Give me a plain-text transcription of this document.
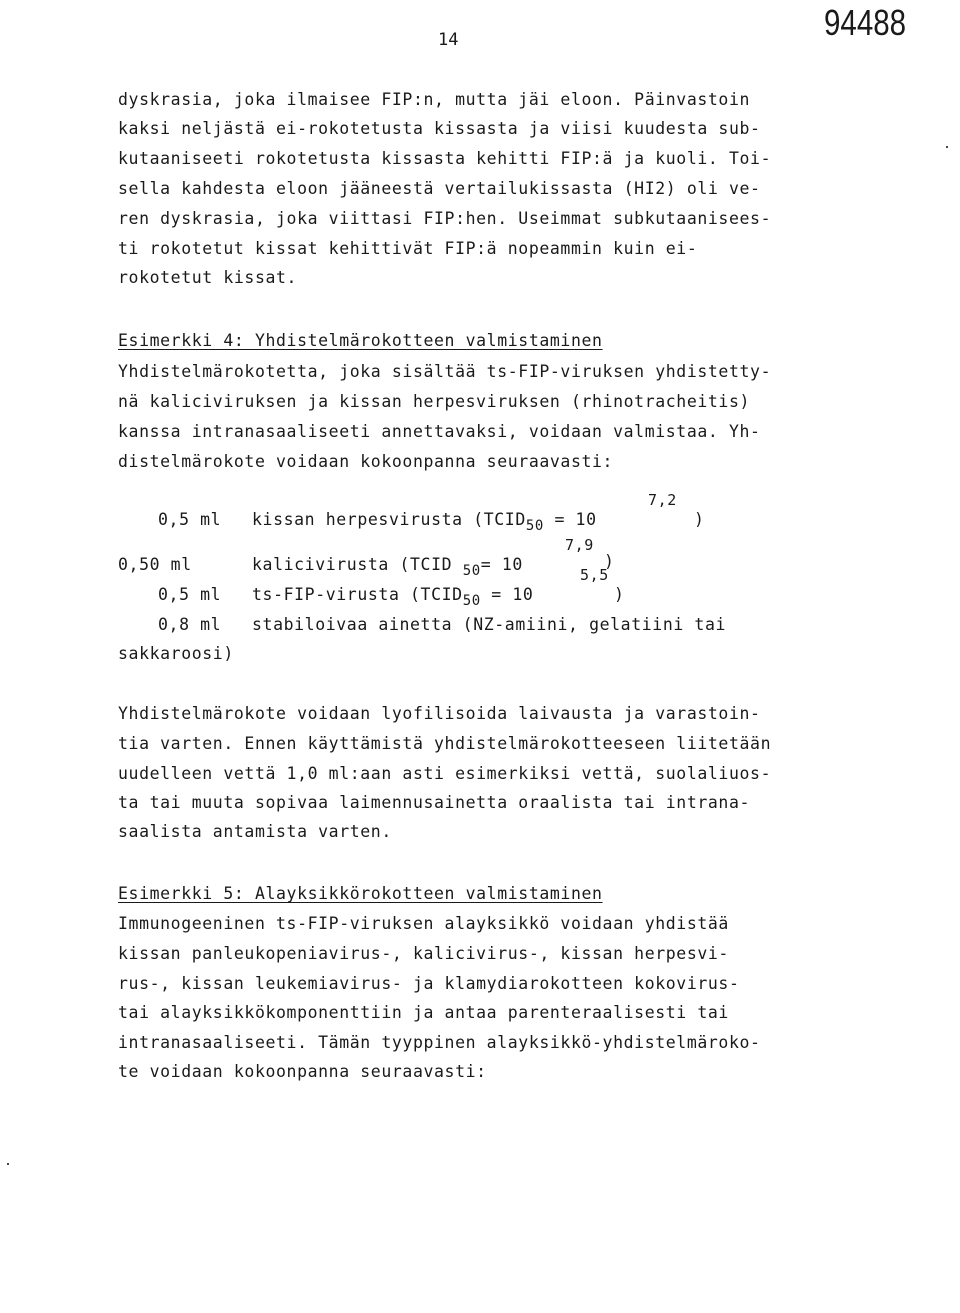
14	94488
dyskrasia, joka ilmaisee FIP:n, mutta jäi eloon. Päinvastoin
kaksi neljästä ei-rokotetusta kissasta ja viisi kuudesta sub-
kutaaniseeti rokotetusta kissasta kehitti FIP:ä ja kuoli. Toi-
sella kahdesta eloon jääneestä vertailukissasta (HI2) oli ve-
ren dyskrasia, joka viittasi FIP:hen. Useimmat subkutaanisees-
ti rokotetut kissat kehittivät FIP:ä nopeammin kuin ei-
rokotetut kissat.
Esimerkki 4: Yhdistelmärokotteen valmistaminen
Yhdistelmärokotetta, joka sisältää ts-FIP-viruksen yhdistetty-
nä kaliciviruksen ja kissan herpesviruksen (rhinotracheitis)
kanssa intranasaaliseeti annettavaksi, voidaan valmistaa. Yh-
distelmärokote voidaan kokoonpanna seuraavasti:
7,2
0,5 ml kissan herpesvirusta ($TCID_{50} = 10$	)
7,9
0,50 ml	kalicivirusta (TCID $_{50}$= 10	)
5,5
0,5 ml ts-FIP-virusta ($TCID_{50} = 10$	)
0,8 ml stabiloivaa ainetta (NZ-amiini, gelatiini tai
sakkaroosi)
Yhdistelmärokote voidaan lyofilisoida laivausta ja varastoin-
tia varten. Ennen käyttämistä yhdistelmärokotteeseen liitetään
uudelleen vettä 1,0 ml:aan asti esimerkiksi vettä, suolaliuos-
ta tai muuta sopivaa laimennusainetta oraalista tai intrana-
saalista antamista varten.
Esimerkki 5: Alayksikkörokotteen valmistaminen
Immunogeeninen ts-FIP-viruksen alayksikkö voidaan yhdistää
kissan panleukopeniavirus-, kalicivirus-, kissan herpesvi-
rus-, kissan leukemiavirus- ja klamydiarokotteen kokovirus-
tai alayksikkökomponenttiin ja antaa parenteraalisesti tai
intranasaaliseeti. Tämän tyyppinen alayksikkö-yhdistelmäroko-
te voidaan kokoonpanna seuraavasti:
